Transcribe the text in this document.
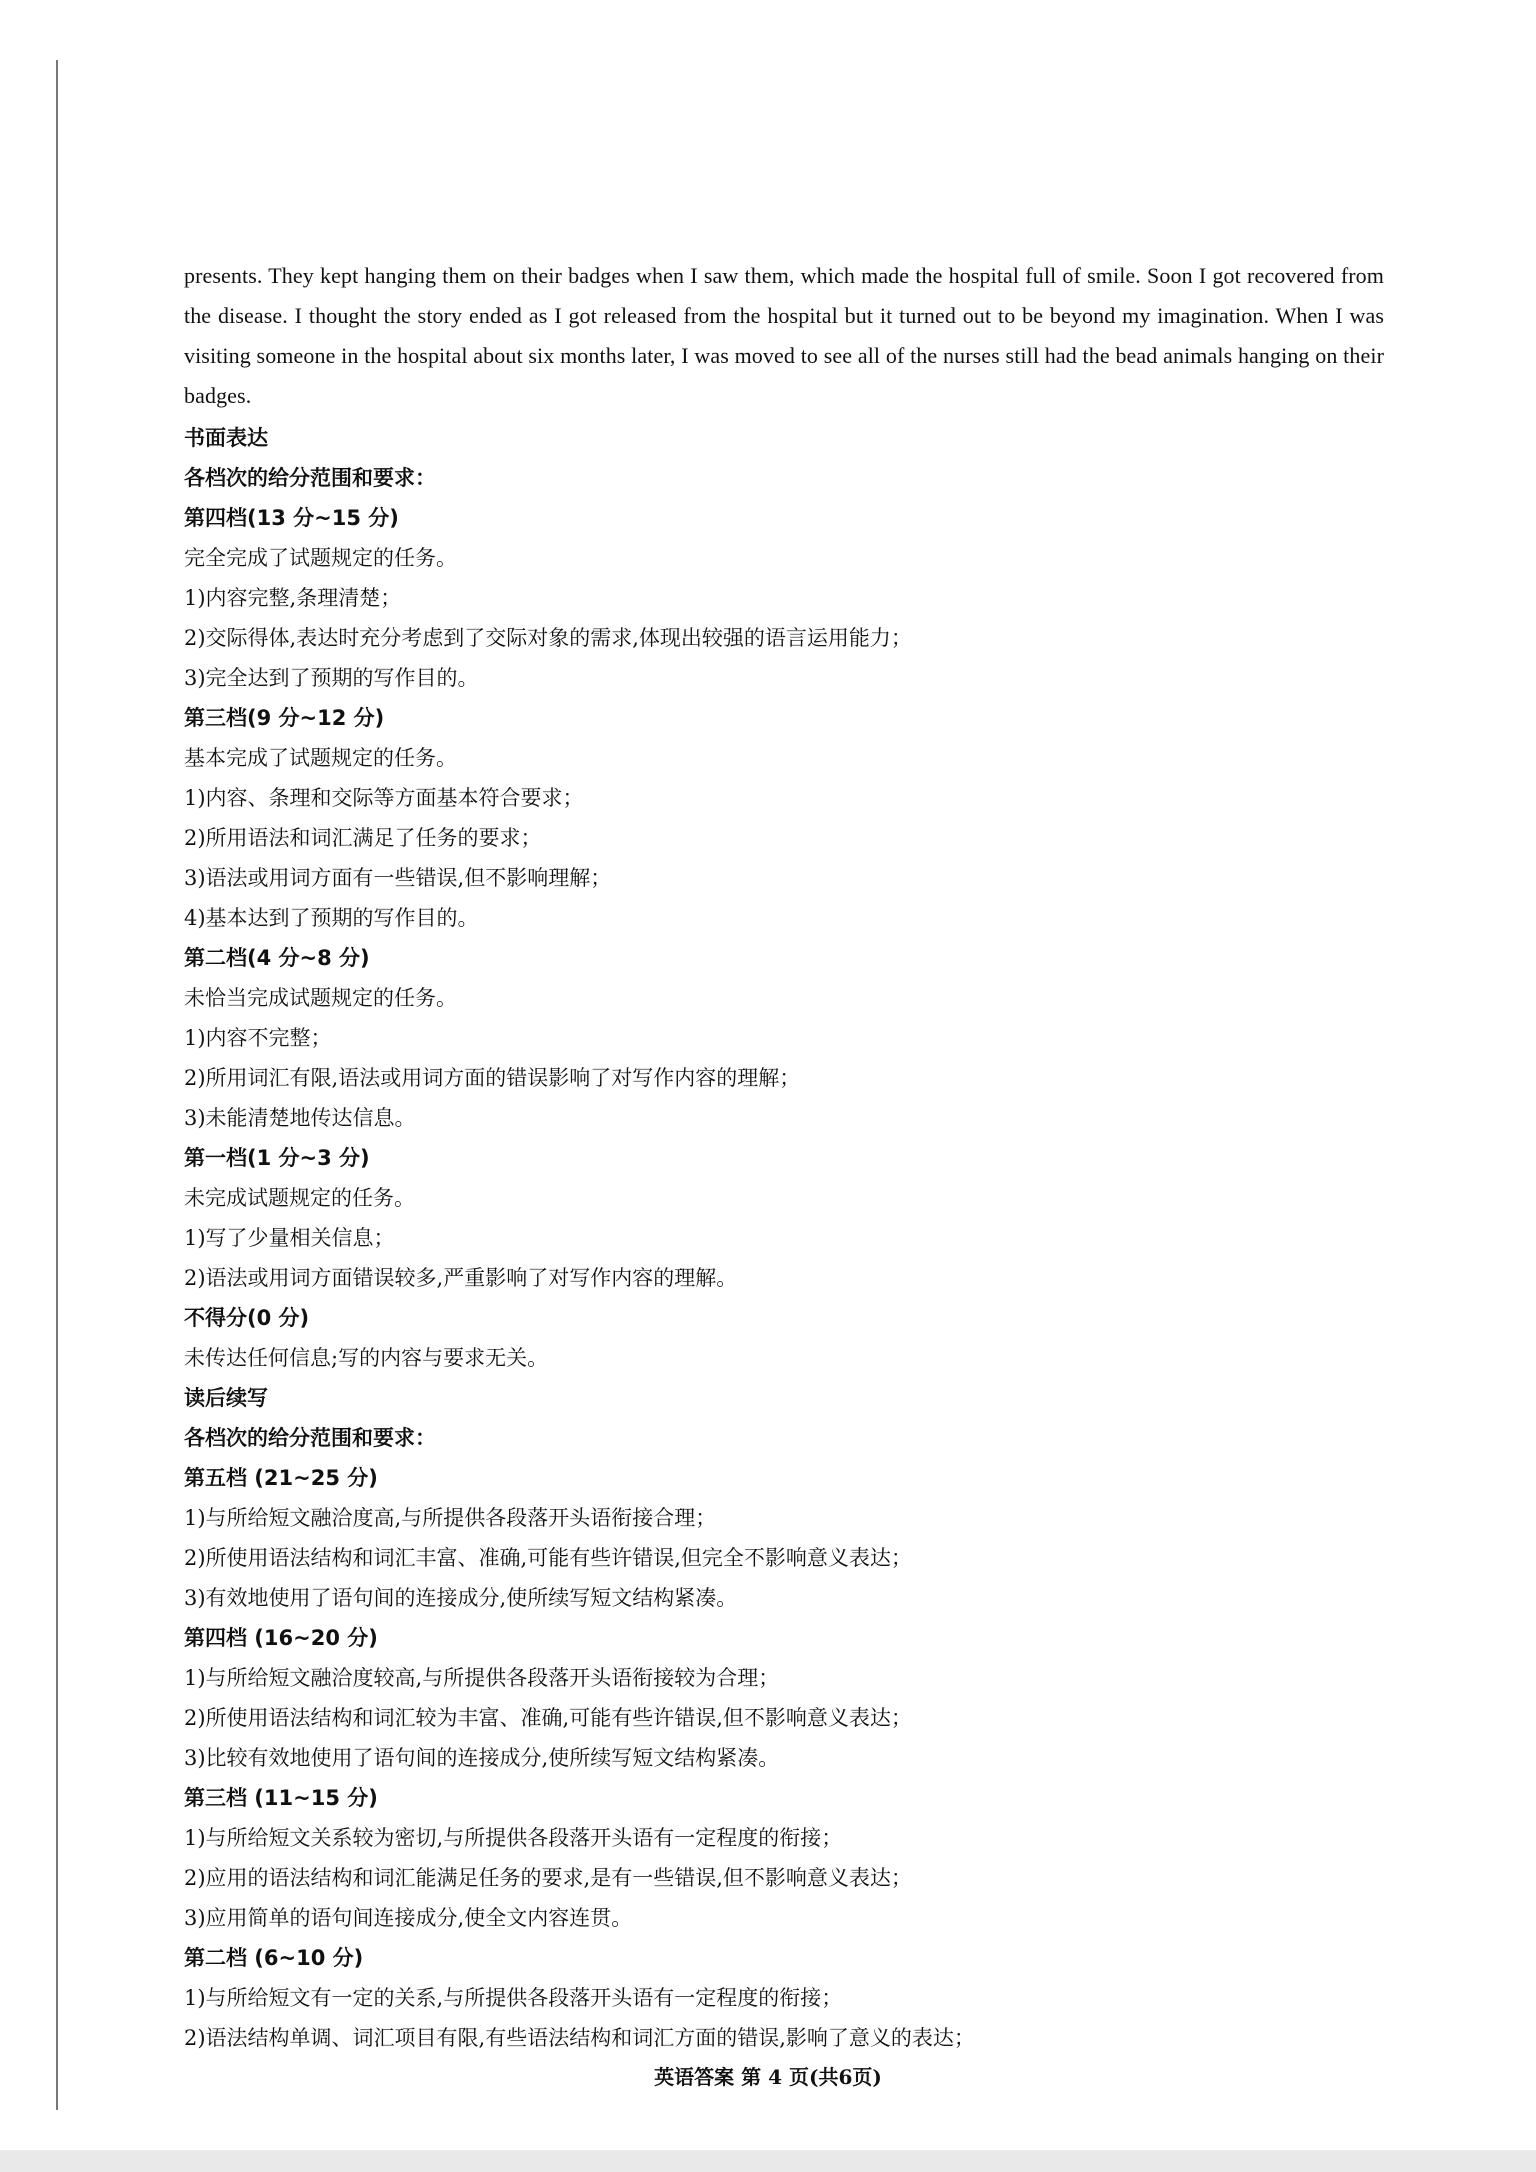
presents. They kept hanging them on their badges when I saw them, which made the hospital full of smile. Soon I got recovered from the disease. I thought the story ended as I got released from the hospital but it turned out to be beyond my imagination. When I was visiting someone in the hospital about six months later, I was moved to see all of the nurses still had the bead animals hanging on their badges.

书面表达
各档次的给分范围和要求：
第四档(13 分~15 分)
完全完成了试题规定的任务。
1)内容完整,条理清楚；
2)交际得体,表达时充分考虑到了交际对象的需求,体现出较强的语言运用能力；
3)完全达到了预期的写作目的。
第三档(9 分~12 分)
基本完成了试题规定的任务。
1)内容、条理和交际等方面基本符合要求；
2)所用语法和词汇满足了任务的要求；
3)语法或用词方面有一些错误,但不影响理解；
4)基本达到了预期的写作目的。
第二档(4 分~8 分)
未恰当完成试题规定的任务。
1)内容不完整；
2)所用词汇有限,语法或用词方面的错误影响了对写作内容的理解；
3)未能清楚地传达信息。
第一档(1 分~3 分)
未完成试题规定的任务。
1)写了少量相关信息；
2)语法或用词方面错误较多,严重影响了对写作内容的理解。
不得分(0 分)
未传达任何信息;写的内容与要求无关。
读后续写
各档次的给分范围和要求：
第五档 (21~25 分)
1)与所给短文融洽度高,与所提供各段落开头语衔接合理；
2)所使用语法结构和词汇丰富、准确,可能有些许错误,但完全不影响意义表达；
3)有效地使用了语句间的连接成分,使所续写短文结构紧凑。
第四档 (16~20 分)
1)与所给短文融洽度较高,与所提供各段落开头语衔接较为合理；
2)所使用语法结构和词汇较为丰富、准确,可能有些许错误,但不影响意义表达；
3)比较有效地使用了语句间的连接成分,使所续写短文结构紧凑。
第三档 (11~15 分)
1)与所给短文关系较为密切,与所提供各段落开头语有一定程度的衔接；
2)应用的语法结构和词汇能满足任务的要求,是有一些错误,但不影响意义表达；
3)应用简单的语句间连接成分,使全文内容连贯。
第二档 (6~10 分)
1)与所给短文有一定的关系,与所提供各段落开头语有一定程度的衔接；
2)语法结构单调、词汇项目有限,有些语法结构和词汇方面的错误,影响了意义的表达；
英语答案 第 4 页(共6页)
